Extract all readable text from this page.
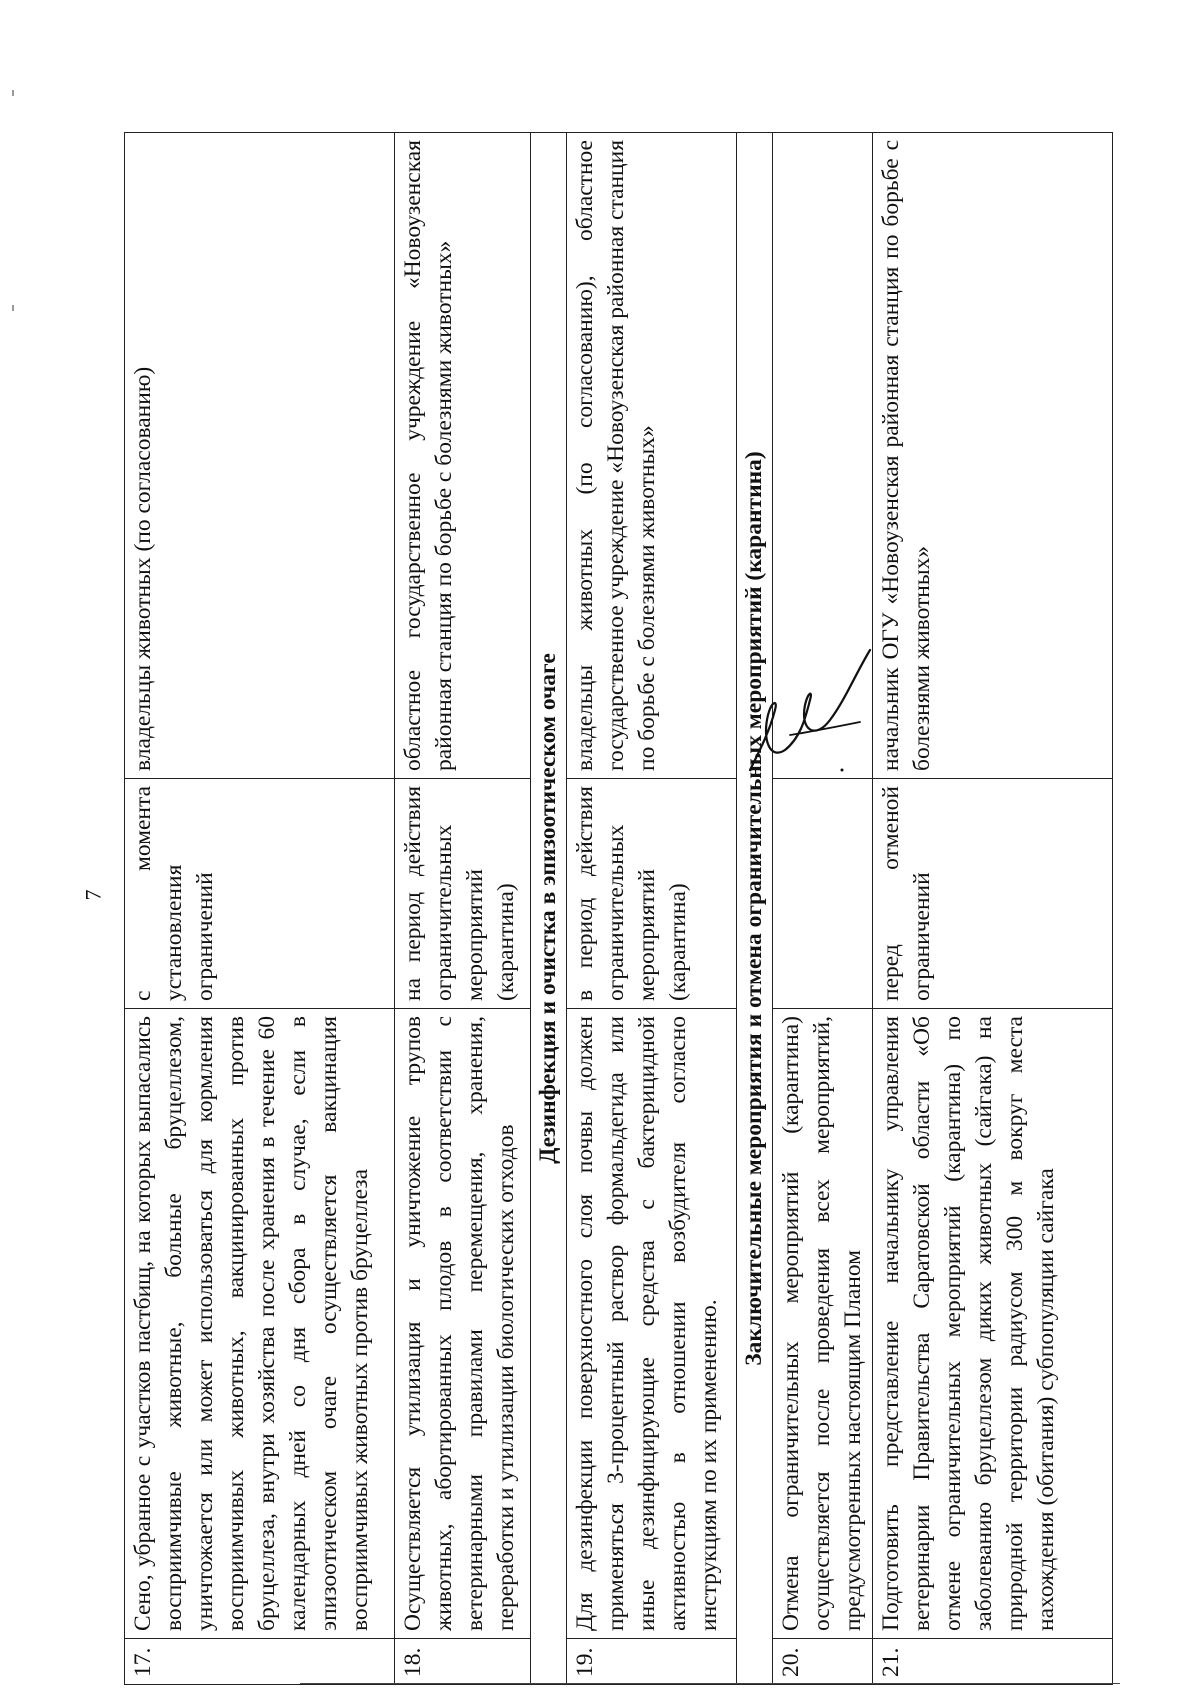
7
17.	Сено, убранное с участков пастбищ, на которых выпасались восприимчивые животные, больные бруцеллезом, уничтожается или может использоваться для кормления восприимчивых животных, вакцинированных против бруцеллеза, внутри хозяйства после хранения в течение 60 календарных дней со дня сбора в случае, если в эпизоотическом очаге осуществляется вакцинация восприимчивых животных против бруцеллеза	с момента установления ограничений	владельцы животных (по согласованию)
18.	Осуществляется утилизация и уничтожение трупов животных, абортированных плодов в соответствии с ветеринарными правилами перемещения, хранения, переработки и утилизации биологических отходов	на период действия ограничительных мероприятий (карантина)	областное государственное учреждение «Новоузенская районная станция по борьбе с болезнями животных»
Дезинфекция и очистка в эпизоотическом очаге			
19.	Для дезинфекции поверхностного слоя почвы должен применяться 3-процентный раствор формальдегида или иные дезинфицирующие средства с бактерицидной активностью в отношении возбудителя согласно инструкциям по их применению.	в период действия ограничительных мероприятий (карантина)	владельцы животных (по согласованию), областное государственное учреждение «Новоузенская районная станция по борьбе с болезнями животных»
Заключительные мероприятия и отмена ограничительных мероприятий (карантина)			
20.	Отмена ограничительных мероприятий (карантина) осуществляется после проведения всех мероприятий, предусмотренных настоящим Планом		
21.	Подготовить представление начальнику управления ветеринарии Правительства Саратовской области «Об отмене ограничительных мероприятий (карантина) по заболеванию бруцеллезом диких животных (сайгака) на природной территории радиусом 300 м вокруг места нахождения (обитания) субпопуляции сайгака	перед отменой ограничений	начальник ОГУ «Новоузенская районная станция по борьбе с болезнями животных»
